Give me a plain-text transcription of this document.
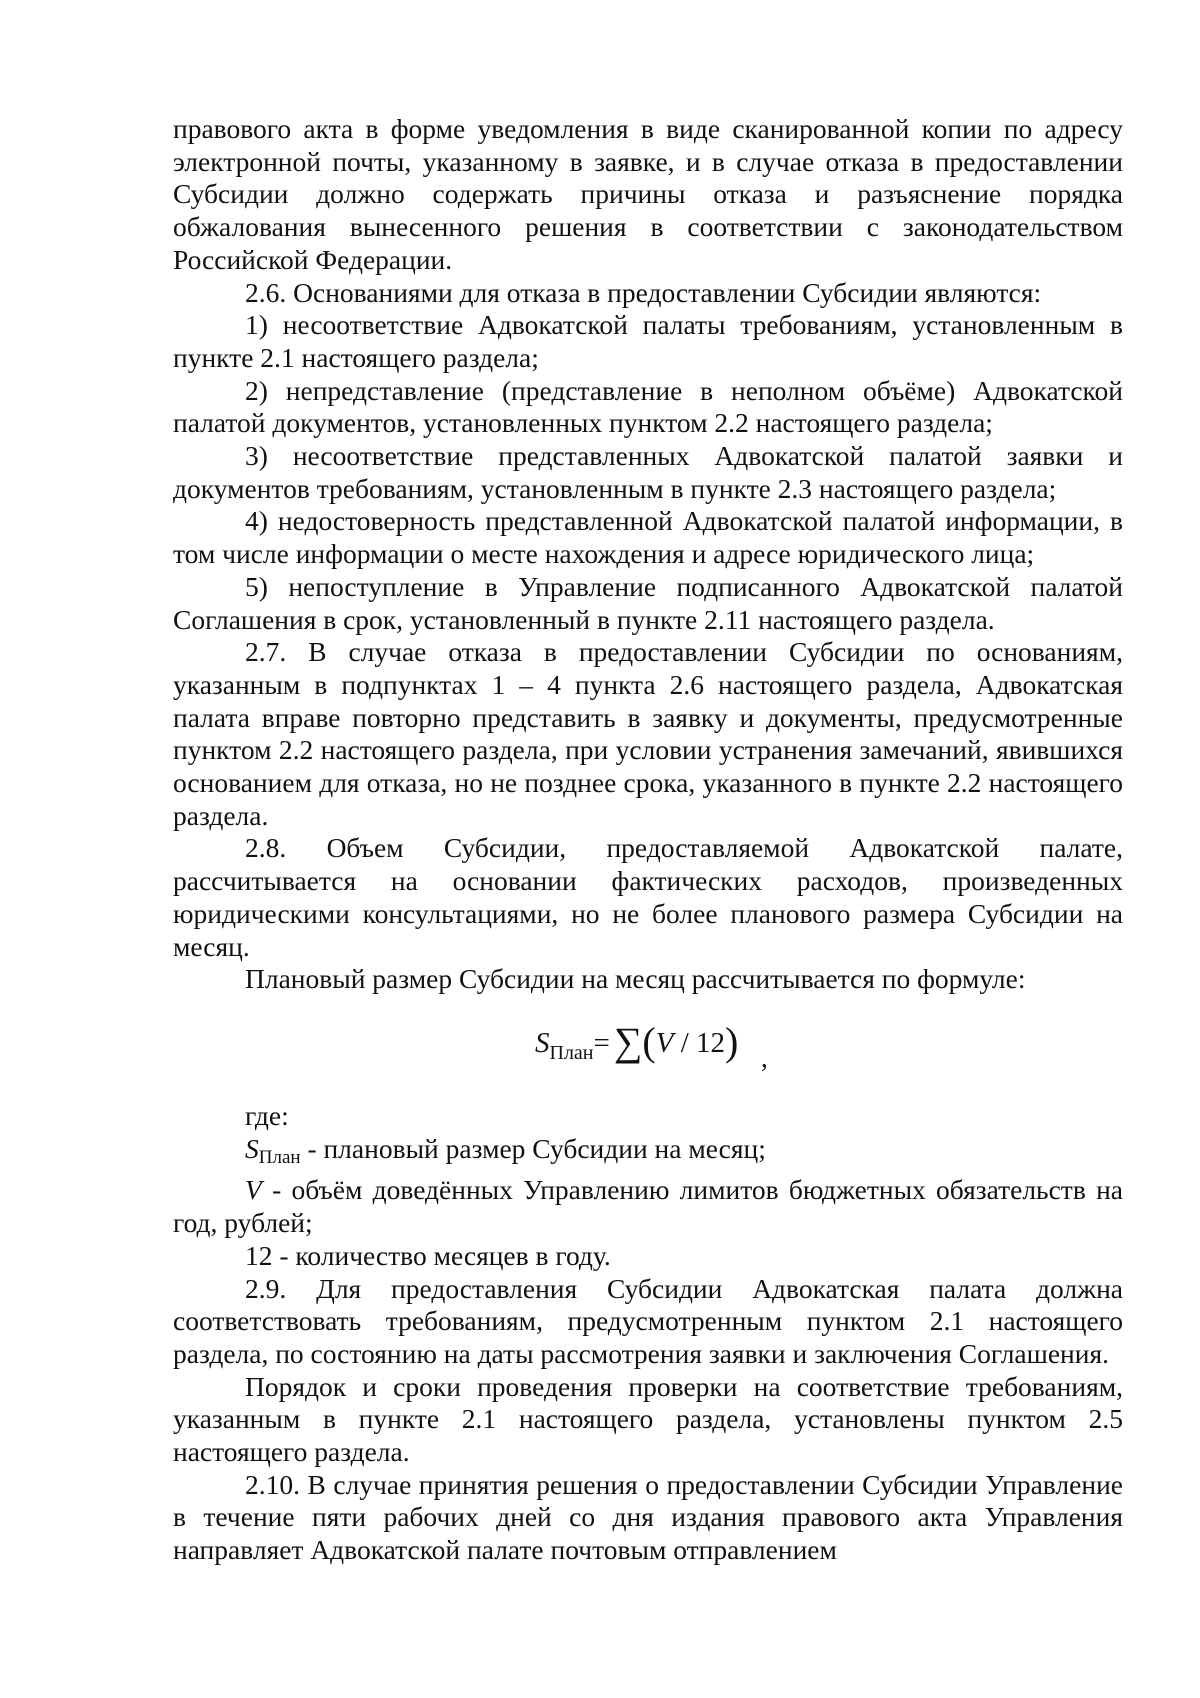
правового акта в форме уведомления в виде сканированной копии по адресу электронной почты, указанному в заявке, и в случае отказа в предоставлении Субсидии должно содержать причины отказа и разъяснение порядка обжалования вынесенного решения в соответствии с законодательством Российской Федерации.

2.6. Основаниями для отказа в предоставлении Субсидии являются:

1) несоответствие Адвокатской палаты требованиям, установленным в пункте 2.1 настоящего раздела;

2) непредставление (представление в неполном объёме) Адвокатской палатой документов, установленных пунктом 2.2 настоящего раздела;

3) несоответствие представленных Адвокатской палатой заявки и документов требованиям, установленным в пункте 2.3 настоящего раздела;

4) недостоверность представленной Адвокатской палатой информации, в том числе информации о месте нахождения и адресе юридического лица;

5) непоступление в Управление подписанного Адвокатской палатой Соглашения в срок, установленный в пункте 2.11 настоящего раздела.

2.7. В случае отказа в предоставлении Субсидии по основаниям, указанным в подпунктах 1 – 4 пункта 2.6 настоящего раздела, Адвокатская палата вправе повторно представить в заявку и документы, предусмотренные пунктом 2.2 настоящего раздела, при условии устранения замечаний, явившихся основанием для отказа, но не позднее срока, указанного в пункте 2.2 настоящего раздела.

2.8. Объем Субсидии, предоставляемой Адвокатской палате, рассчитывается на основании фактических расходов, произведенных юридическими консультациями, но не более планового размера Субсидии на месяц.

Плановый размер Субсидии на месяц рассчитывается по формуле:

$S_{План}= \sum(V / 12)$ ,

где:

SПлан - плановый размер Субсидии на месяц;

V - объём доведённых Управлению лимитов бюджетных обязательств на год, рублей;

12 - количество месяцев в году.

2.9. Для предоставления Субсидии Адвокатская палата должна соответствовать требованиям, предусмотренным пунктом 2.1 настоящего раздела, по состоянию на даты рассмотрения заявки и заключения Соглашения.

Порядок и сроки проведения проверки на соответствие требованиям, указанным в пункте 2.1 настоящего раздела, установлены пунктом 2.5 настоящего раздела.

2.10. В случае принятия решения о предоставлении Субсидии Управление в течение пяти рабочих дней со дня издания правового акта Управления направляет Адвокатской палате почтовым отправлением
